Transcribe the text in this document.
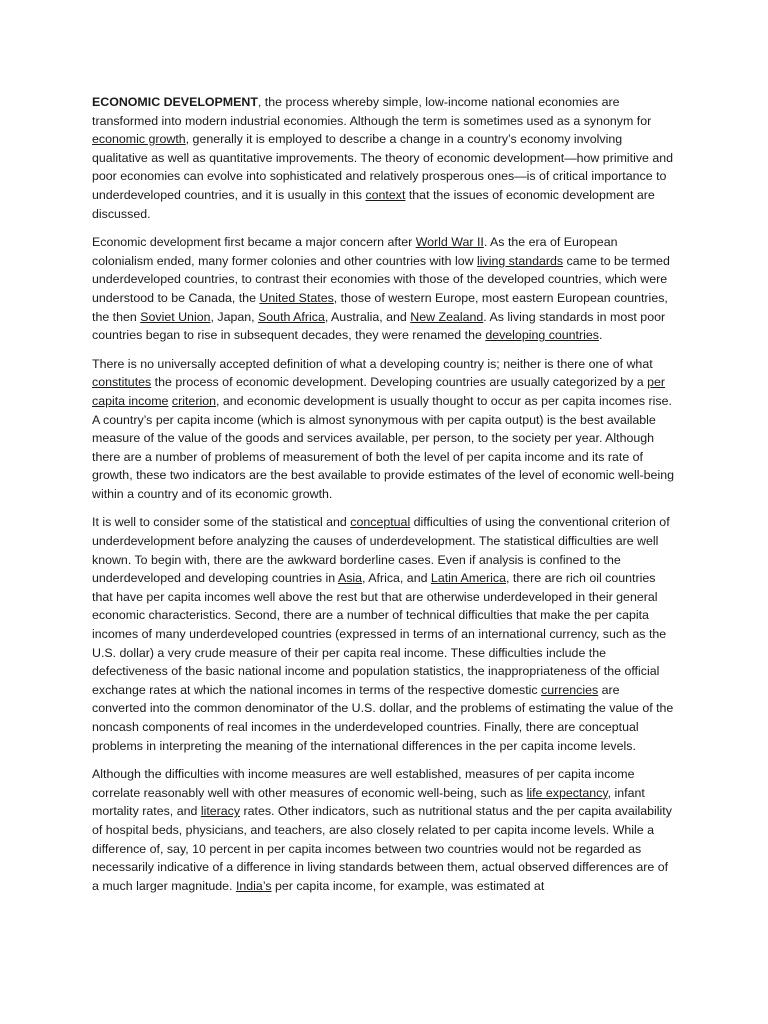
ECONOMIC DEVELOPMENT, the process whereby simple, low-income national economies are transformed into modern industrial economies. Although the term is sometimes used as a synonym for economic growth, generally it is employed to describe a change in a country’s economy involving qualitative as well as quantitative improvements. The theory of economic development—how primitive and poor economies can evolve into sophisticated and relatively prosperous ones—is of critical importance to underdeveloped countries, and it is usually in this context that the issues of economic development are discussed.

Economic development first became a major concern after World War II. As the era of European colonialism ended, many former colonies and other countries with low living standards came to be termed underdeveloped countries, to contrast their economies with those of the developed countries, which were understood to be Canada, the United States, those of western Europe, most eastern European countries, the then Soviet Union, Japan, South Africa, Australia, and New Zealand. As living standards in most poor countries began to rise in subsequent decades, they were renamed the developing countries.

There is no universally accepted definition of what a developing country is; neither is there one of what constitutes the process of economic development. Developing countries are usually categorized by a per capita income criterion, and economic development is usually thought to occur as per capita incomes rise. A country’s per capita income (which is almost synonymous with per capita output) is the best available measure of the value of the goods and services available, per person, to the society per year. Although there are a number of problems of measurement of both the level of per capita income and its rate of growth, these two indicators are the best available to provide estimates of the level of economic well-being within a country and of its economic growth.

It is well to consider some of the statistical and conceptual difficulties of using the conventional criterion of underdevelopment before analyzing the causes of underdevelopment. The statistical difficulties are well known. To begin with, there are the awkward borderline cases. Even if analysis is confined to the underdeveloped and developing countries in Asia, Africa, and Latin America, there are rich oil countries that have per capita incomes well above the rest but that are otherwise underdeveloped in their general economic characteristics. Second, there are a number of technical difficulties that make the per capita incomes of many underdeveloped countries (expressed in terms of an international currency, such as the U.S. dollar) a very crude measure of their per capita real income. These difficulties include the defectiveness of the basic national income and population statistics, the inappropriateness of the official exchange rates at which the national incomes in terms of the respective domestic currencies are converted into the common denominator of the U.S. dollar, and the problems of estimating the value of the noncash components of real incomes in the underdeveloped countries. Finally, there are conceptual problems in interpreting the meaning of the international differences in the per capita income levels.

Although the difficulties with income measures are well established, measures of per capita income correlate reasonably well with other measures of economic well-being, such as life expectancy, infant mortality rates, and literacy rates. Other indicators, such as nutritional status and the per capita availability of hospital beds, physicians, and teachers, are also closely related to per capita income levels. While a difference of, say, 10 percent in per capita incomes between two countries would not be regarded as necessarily indicative of a difference in living standards between them, actual observed differences are of a much larger magnitude. India’s per capita income, for example, was estimated at
